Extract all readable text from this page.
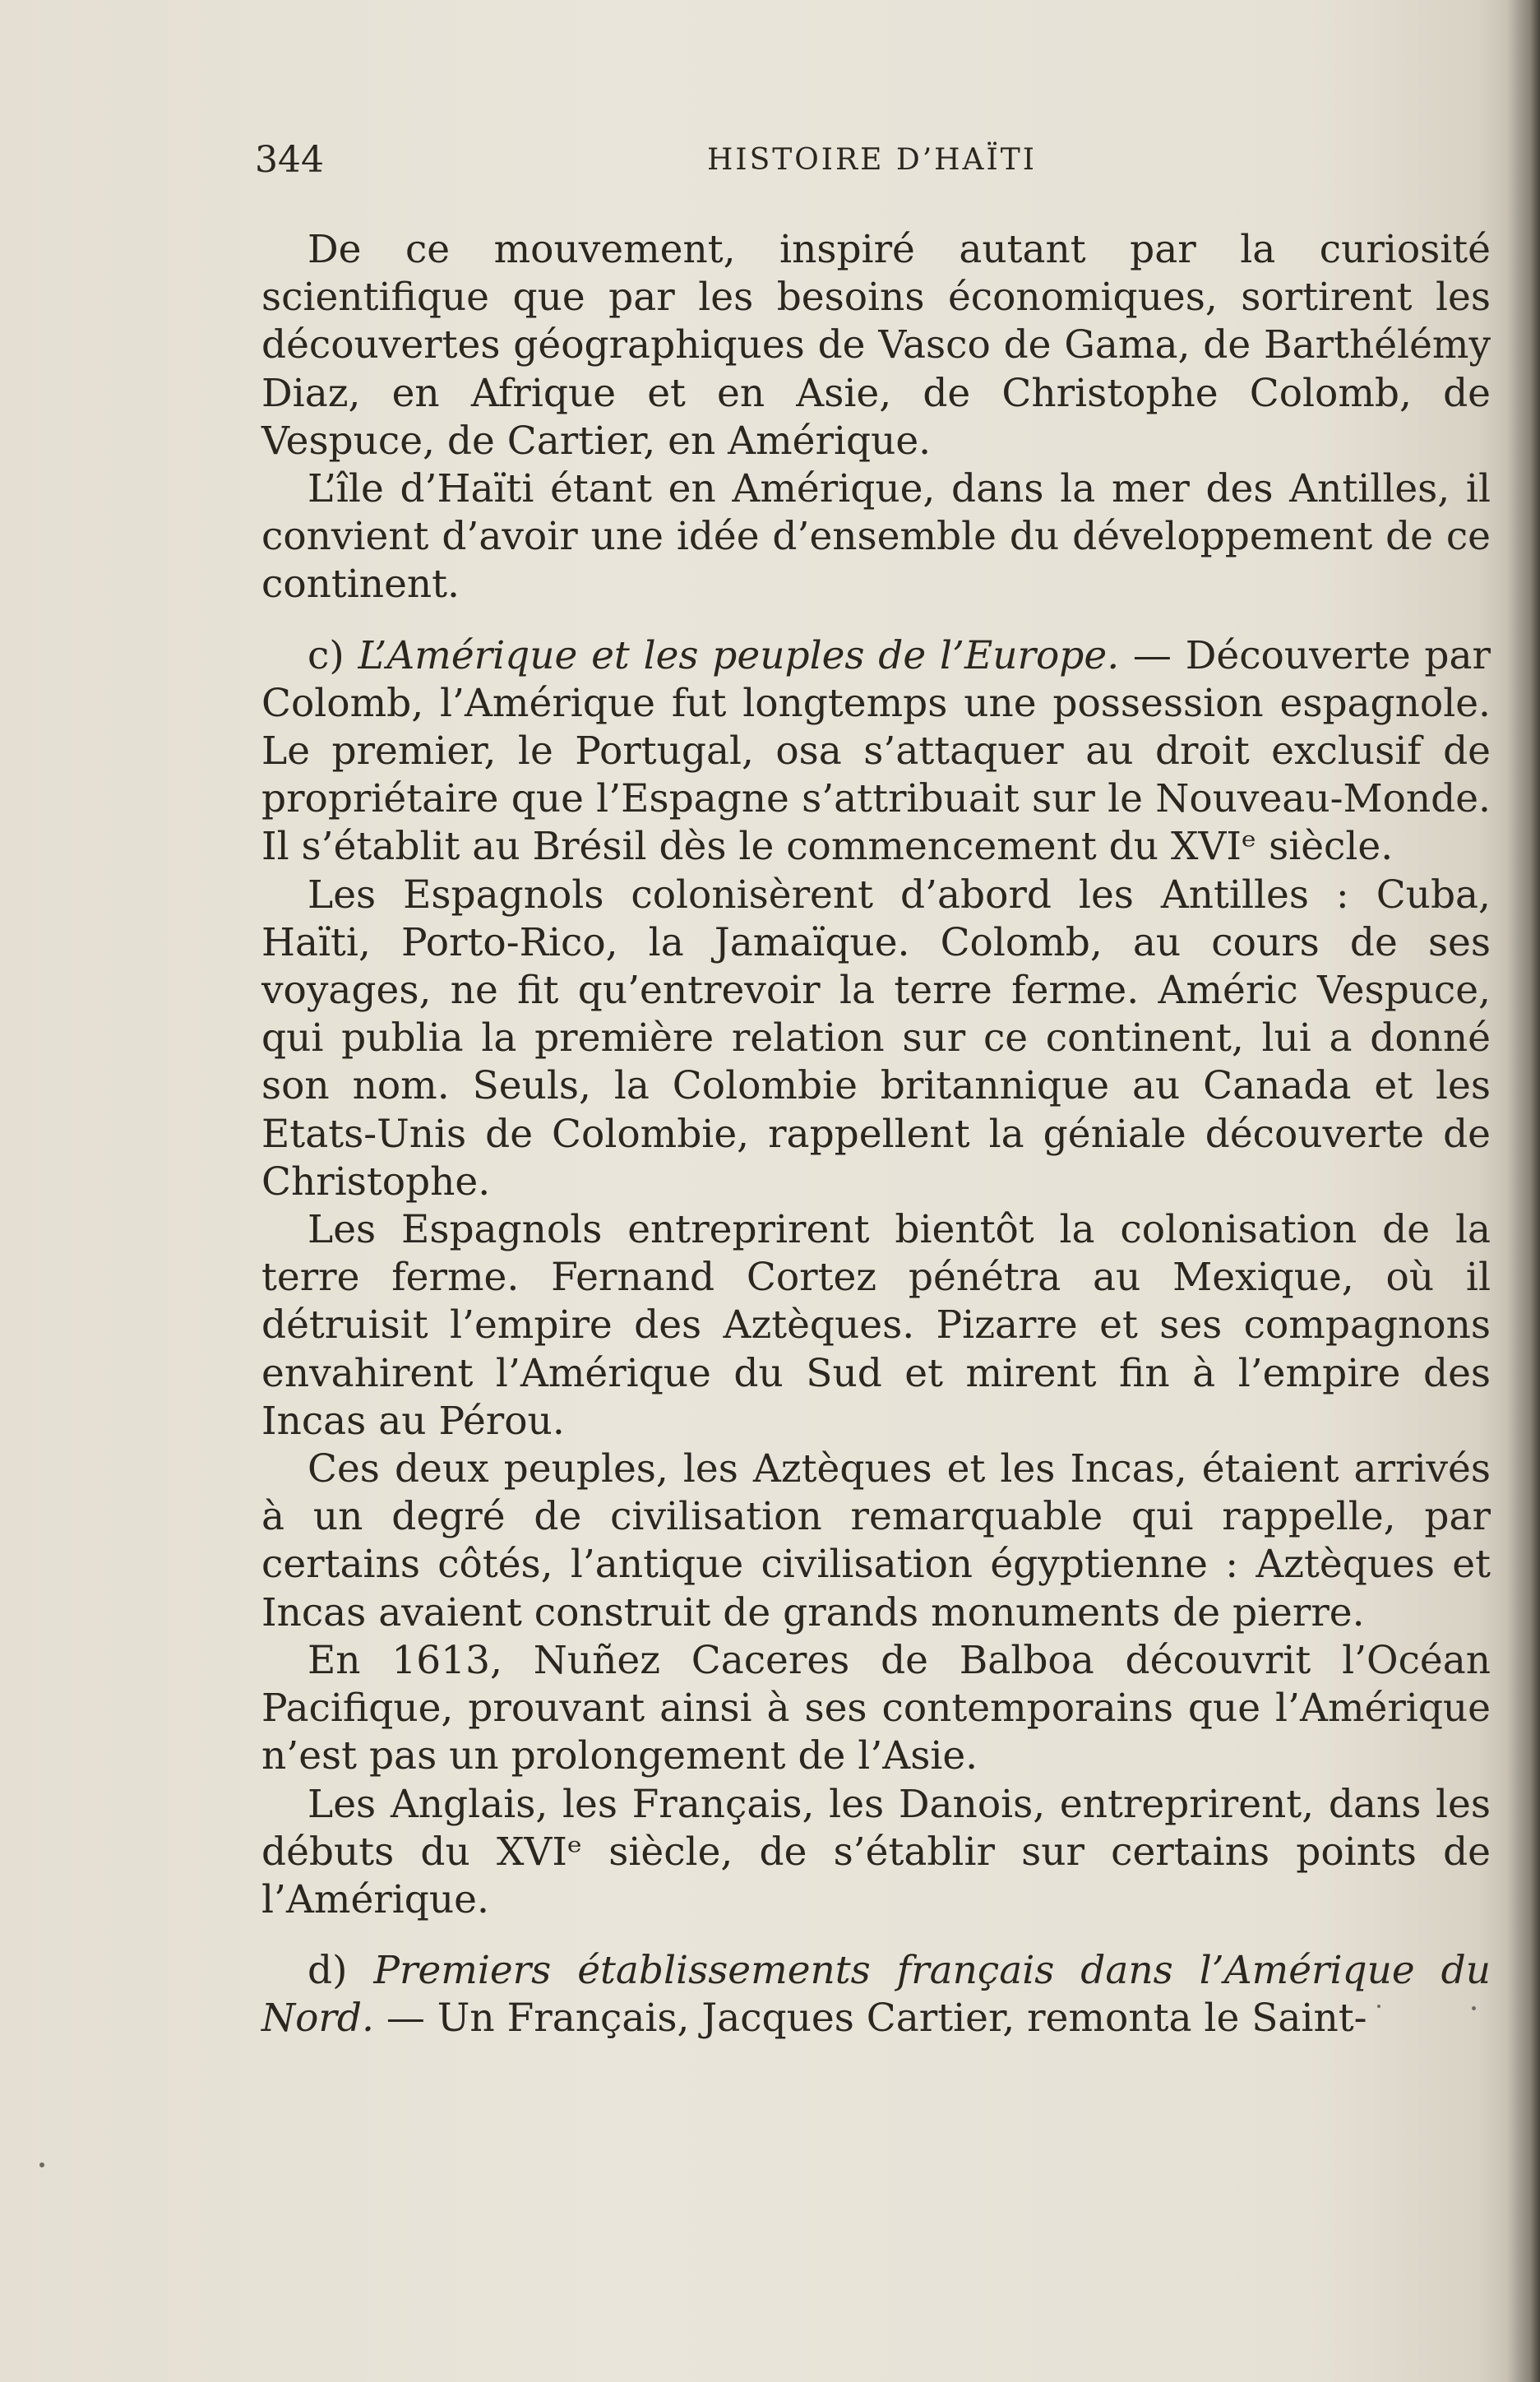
344	HISTOIRE D’HAÏTI

De ce mouvement, inspiré autant par la curiosité scientifique que par les besoins économiques, sortirent les découvertes géographiques de Vasco de Gama, de Barthélémy Diaz, en Afrique et en Asie, de Christophe Colomb, de Vespuce, de Cartier, en Amérique.

L’île d’Haïti étant en Amérique, dans la mer des Antilles, il convient d’avoir une idée d’ensemble du développement de ce continent.

c) L’Amérique et les peuples de l’Europe. — Découverte par Colomb, l’Amérique fut longtemps une possession espagnole. Le premier, le Portugal, osa s’attaquer au droit exclusif de propriétaire que l’Espagne s’attribuait sur le Nouveau-Monde. Il s’établit au Brésil dès le commencement du XVIᵉ siècle.

Les Espagnols colonisèrent d’abord les Antilles : Cuba, Haïti, Porto-Rico, la Jamaïque. Colomb, au cours de ses voyages, ne fit qu’entrevoir la terre ferme. Améric Vespuce, qui publia la première relation sur ce continent, lui a donné son nom. Seuls, la Colombie britannique au Canada et les Etats-Unis de Colombie, rappellent la géniale découverte de Christophe.

Les Espagnols entreprirent bientôt la colonisation de la terre ferme. Fernand Cortez pénétra au Mexique, où il détruisit l’empire des Aztèques. Pizarre et ses compagnons envahirent l’Amérique du Sud et mirent fin à l’empire des Incas au Pérou.

Ces deux peuples, les Aztèques et les Incas, étaient arrivés à un degré de civilisation remarquable qui rappelle, par certains côtés, l’antique civilisation égyptienne : Aztèques et Incas avaient construit de grands monuments de pierre.

En 1613, Nuñez Caceres de Balboa découvrit l’Océan Pacifique, prouvant ainsi à ses contemporains que l’Amérique n’est pas un prolongement de l’Asie.

Les Anglais, les Français, les Danois, entreprirent, dans les débuts du XVIᵉ siècle, de s’établir sur certains points de l’Amérique.

d) Premiers établissements français dans l’Amérique du Nord. — Un Français, Jacques Cartier, remonta le Saint-
